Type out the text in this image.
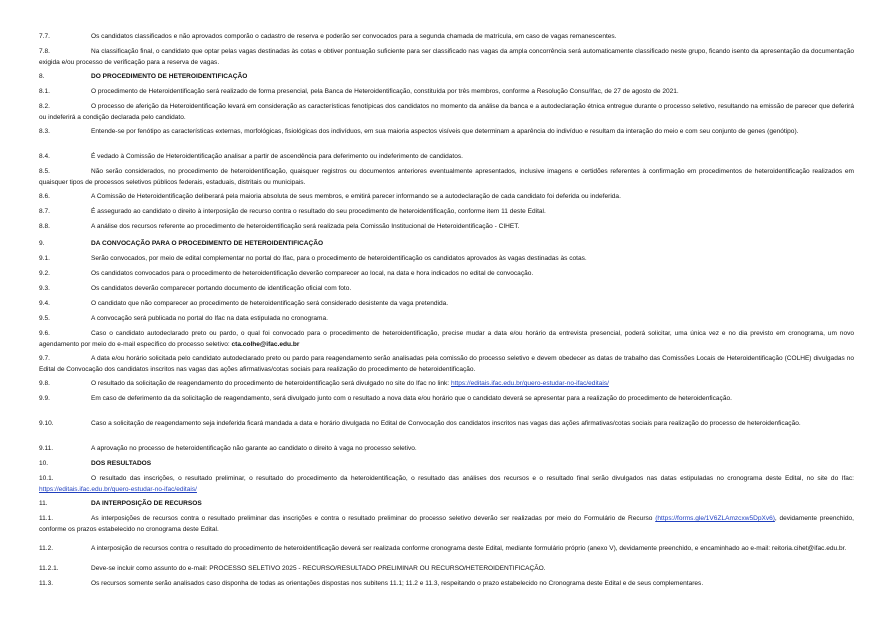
7.7.	Os candidatos classificados e não aprovados comporão o cadastro de reserva e poderão ser convocados para a segunda chamada de matrícula, em caso de vagas remanescentes.
7.8.	Na classificação final, o candidato que optar pelas vagas destinadas às cotas e obtiver pontuação suficiente para ser classificado nas vagas da ampla concorrência será automaticamente classificado neste grupo, ficando isento da apresentação da documentação exigida e/ou processo de verificação para a reserva de vagas.
8.	DO PROCEDIMENTO DE HETEROIDENTIFICAÇÃO
8.1.	O procedimento de Heteroidentificação será realizado de forma presencial, pela Banca de Heteroidentificação, constituída por três membros, conforme a Resolução Consu/Ifac, de 27 de agosto de 2021.
8.2.	O processo de aferição da Heteroidentificação levará em consideração as características fenotípicas dos candidatos no momento da análise da banca e a autodeclaração étnica entregue durante o processo seletivo, resultando na emissão de parecer que deferirá ou indeferirá a condição declarada pelo candidato.
8.3.	Entende-se por fenótipo as características externas, morfológicas, fisiológicas dos indivíduos, em sua maioria aspectos visíveis que determinam a aparência do indivíduo e resultam da interação do meio e com seu conjunto de genes (genótipo).
8.4.	É vedado à Comissão de Heteroidentificação analisar a partir de ascendência para deferimento ou indeferimento de candidatos.
8.5.	Não serão considerados, no procedimento de heteroidentificação, quaisquer registros ou documentos anteriores eventualmente apresentados, inclusive imagens e certidões referentes à confirmação em procedimentos de heteroidentificação realizados em quaisquer tipos de processos seletivos públicos federais, estaduais, distritais ou municipais.
8.6.	A Comissão de Heteroidentificação deliberará pela maioria absoluta de seus membros, e emitirá parecer informando se a autodeclaração de cada candidato foi deferida ou indeferida.
8.7.	É assegurado ao candidato o direito à interposição de recurso contra o resultado do seu procedimento de heteroidentificação, conforme item 11 deste Edital.
8.8.	A análise dos recursos referente ao procedimento de heteroidentificação será realizada pela Comissão Institucional de Heteroidentificação - CIHET.
9.	DA CONVOCAÇÃO PARA O PROCEDIMENTO DE HETEROIDENTIFICAÇÃO
9.1.	Serão convocados, por meio de edital complementar no portal do Ifac, para o procedimento de heteroidentificação os candidatos aprovados às vagas destinadas às cotas.
9.2.	Os candidatos convocados para o procedimento de heteroidentificação deverão comparecer ao local, na data e hora indicados no edital de convocação.
9.3.	Os candidatos deverão comparecer portando documento de identificação oficial com foto.
9.4.	O candidato que não comparecer ao procedimento de heteroidentificação será considerado desistente da vaga pretendida.
9.5.	A convocação será publicada no portal do Ifac na data estipulada no cronograma.
9.6.	Caso o candidato autodeclarado preto ou pardo, o qual foi convocado para o procedimento de heteroidentificação, precise mudar a data e/ou horário da entrevista presencial, poderá solicitar, uma única vez e no dia previsto em cronograma, um novo agendamento por meio do e-mail específico do processo seletivo: cta.colhe@ifac.edu.br
9.7.	A data e/ou horário solicitada pelo candidato autodeclarado preto ou pardo para reagendamento serão analisadas pela comissão do processo seletivo e devem obedecer as datas de trabalho das Comissões Locais de Heteroidentificação (COLHE) divulgadas no Edital de Convocação dos candidatos inscritos nas vagas das ações afirmativas/cotas sociais para realização do procedimento de heteroidentificação.
9.8.	O resultado da solicitação de reagendamento do procedimento de heteroidentificação será divulgado no site do Ifac no link: https://editais.ifac.edu.br/quero-estudar-no-ifac/editais/
9.9.	Em caso de deferimento da da solicitação de reagendamento, será divulgado junto com o resultado a nova data e/ou horário que o candidato deverá se apresentar para a realização do procedimento de heteroidenficação.
9.10.	Caso a solicitação de reagendamento seja indeferida ficará mandada a data e horário divulgada no Edital de Convocação dos candidatos inscritos nas vagas das ações afirmativas/cotas sociais para realização do processo de heteroidenficação.
9.11.	A aprovação no processo de heteroidentificação não garante ao candidato o direito à vaga no processo seletivo.
10.	DOS RESULTADOS
10.1.	O resultado das inscrições, o resultado preliminar, o resultado do procedimento da heteroidentificação, o resultado das análises dos recursos e o resultado final serão divulgados nas datas estipuladas no cronograma deste Edital, no site do Ifac: https://editais.ifac.edu.br/quero-estudar-no-ifac/editais/
11.	DA INTERPOSIÇÃO DE RECURSOS
11.1.	As interposições de recursos contra o resultado preliminar das inscrições e contra o resultado preliminar do processo seletivo deverão ser realizadas por meio do Formulário de Recurso (https://forms.gle/1V6ZLAmzcxw5DpXv6), devidamente preenchido, conforme os prazos estabelecido no cronograma deste Edital.
11.2.	A interposição de recursos contra o resultado do procedimento de heteroidentificação deverá ser realizada conforme cronograma deste Edital, mediante formulário próprio (anexo V), devidamente preenchido, e encaminhado ao e-mail: reitoria.cihet@ifac.edu.br.
11.2.1.	Deve-se incluir como assunto do e-mail: PROCESSO SELETIVO 2025 - RECURSO/RESULTADO PRELIMINAR OU RECURSO/HETEROIDENTIFICAÇÃO.
11.3.	Os recursos somente serão analisados caso disponha de todas as orientações dispostas nos subitens 11.1; 11.2 e 11.3, respeitando o prazo estabelecido no Cronograma deste Edital e de seus complementares.
